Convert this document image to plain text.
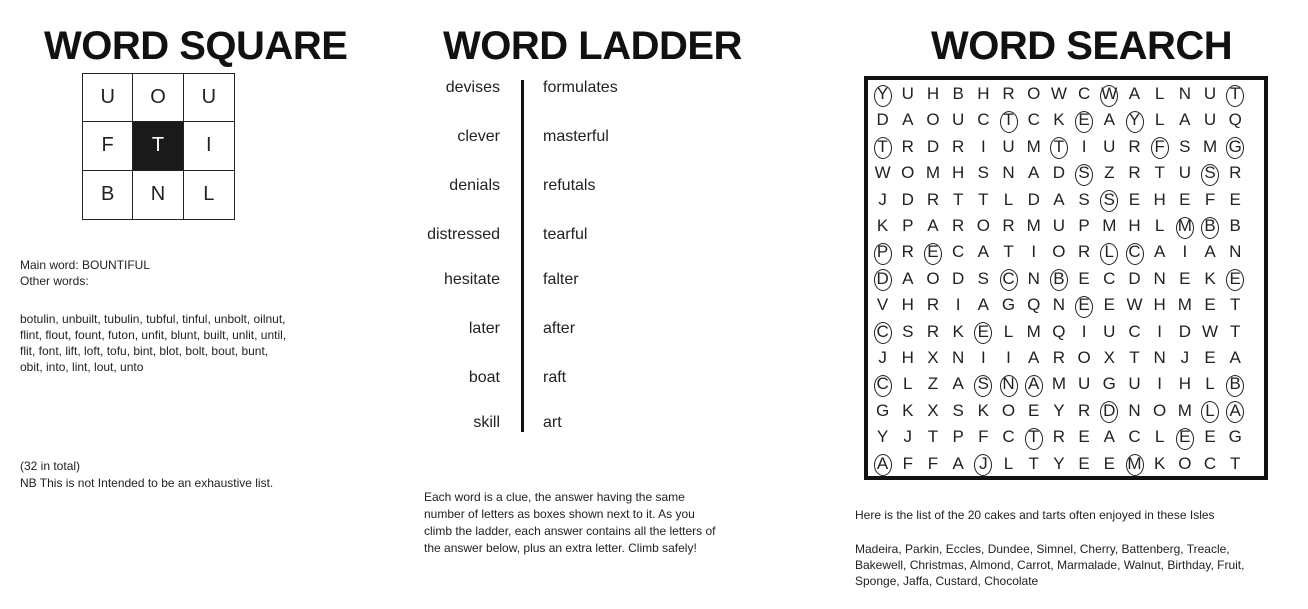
WORD SQUARE
U	O	U
F	T	I
B	N	L
Main word: BOUNTIFUL
Other words:
botulin, unbuilt, tubulin, tubful, tinful, unbolt, oilnut,
flint, flout, fount, futon, unfit, blunt, built, unlit, until,
flit, font, lift, loft, tofu, bint, blot, bolt, bout, bunt,
obit, into, lint, lout, unto
(32 in total)
NB This is not Intended to be an exhaustive list.
WORD LADDER
devises	formulates
clever	masterful
denials	refutals
distressed	tearful
hesitate	falter
later	after
boat	raft
skill	art
Each word is a clue, the answer having the same
number of letters as boxes shown next to it. As you
climb the ladder, each answer contains all the letters of
the answer below, plus an extra letter. Climb safely!
WORD SEARCH
Y U H B H R O W C W A L N U T
D A O U C T C K E A Y L A U Q
T R D R I U M T	I U R F S M G
W O M H S N A D S Z R T U S R
J D R T T L D A S S E H E F E
K P A R O R M U P M H L M B B
P R E C A T	I O R L C A	I	A N
D A O D S C N B E C D N E K E
V H R I	A G Q N E E W H M E T
C S R K E L M Q I U C I D W T
J H X N I	I	A R O X T N J E A
C L Z A S N A M U G U I H L B
G K X S K O E Y R D N O M L A
Y J T P F C T R E A C L E E G
A F F A J L T Y E E M K O C T
Here is the list of the 20 cakes and tarts often enjoyed in these Isles
Madeira, Parkin, Eccles, Dundee, Simnel, Cherry, Battenberg, Treacle,
Bakewell, Christmas, Almond, Carrot, Marmalade, Walnut, Birthday, Fruit,
Sponge, Jaffa, Custard, Chocolate
